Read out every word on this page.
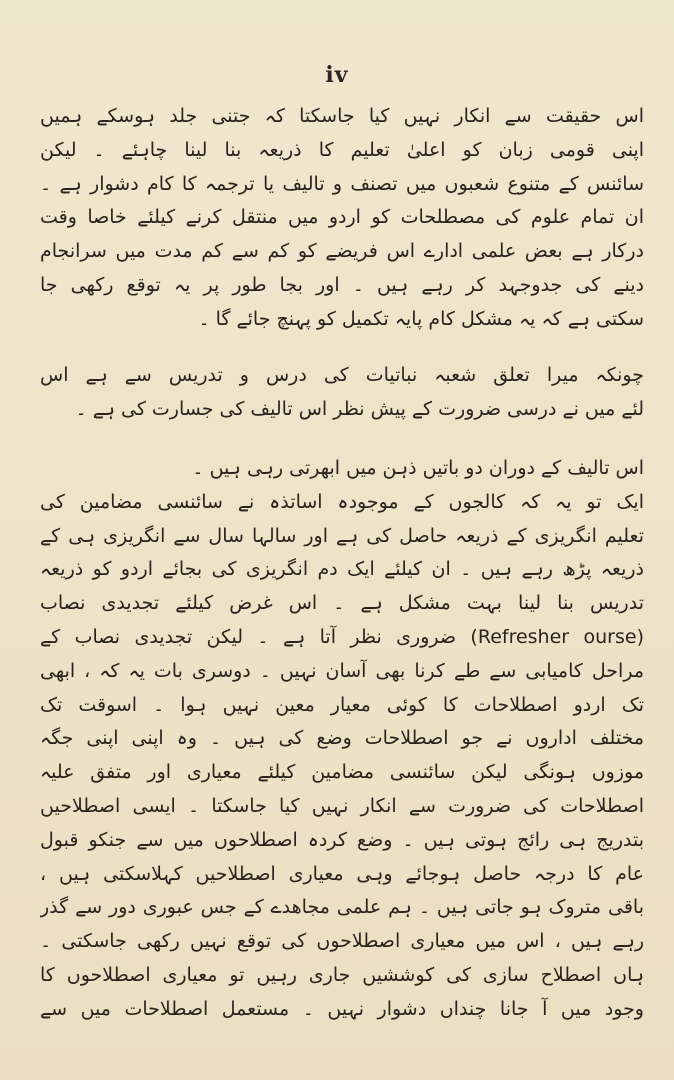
iv
اس حقیقت سے انکار نہیں کیا جاسکتا کہ جتنی جلد ہوسکے ہمیں
اپنی قومی زبان کو اعلیٰ تعلیم کا ذریعہ بنا لینا چاہئے ۔ لیکن
سائنس کے متنوع شعبوں میں تصنف و تالیف یا ترجمہ کا کام دشوار ہے ۔
ان تمام علوم کی مصطلحات کو اردو میں منتقل کرنے کیلئے خاصا وقت
درکار ہے بعض علمی ادارے اس فریضے کو کم سے کم مدت میں سرانجام
دینے کی جدوجہد کر رہے ہیں ۔ اور بجا طور پر یہ توقع رکھی جا
سکتی ہے کہ یہ مشکل کام پایہ تکمیل کو پہنچ جائے گا ۔
چونکہ میرا تعلق شعبہ نباتیات کی درس و تدریس سے ہے اس
لئے میں نے درسی ضرورت کے پیش نظر اس تالیف کی جسارت کی ہے ۔
اس تالیف کے دوران دو باتیں ذہن میں ابھرتی رہی ہیں ۔
ایک تو یہ کہ کالجوں کے موجودہ اساتذہ نے سائنسی مضامین کی
تعلیم انگریزی کے ذریعہ حاصل کی ہے اور سالہا سال سے انگریزی ہی کے
ذریعہ پڑھ رہے ہیں ۔ ان کیلئے ایک دم انگریزی کی بجائے اردو کو ذریعہ
تدریس بنا لینا بہت مشکل ہے ۔ اس غرض کیلئے تجدیدی نصاب
(Refresher ourse) ضروری نظر آتا ہے ۔ لیکن تجدیدی نصاب کے
مراحل کامیابی سے طے کرنا بھی آسان نہیں ۔ دوسری بات یہ کہ ، ابھی
تک اردو اصطلاحات کا کوئی معیار معین نہیں ہوا ۔ اسوقت تک
مختلف اداروں نے جو اصطلاحات وضع کی ہیں ۔ وہ اپنی اپنی جگہ
موزوں ہونگی لیکن سائنسی مضامین کیلئے معیاری اور متفق علیہ
اصطلاحات کی ضرورت سے انکار نہیں کیا جاسکتا ۔ ایسی اصطلاحیں
بتدریج ہی رائج ہوتی ہیں ۔ وضع کردہ اصطلاحوں میں سے جنکو قبول
عام کا درجہ حاصل ہوجائے وہی معیاری اصطلاحیں کہلاسکتی ہیں ،
باقی متروک ہو جاتی ہیں ۔ ہم علمی مجاهدے کے جس عبوری دور سے گذر
رہے ہیں ، اس میں معیاری اصطلاحوں کی توقع نہیں رکھی جاسکتی ۔
ہاں اصطلاح سازی کی کوششیں جاری رہیں تو معیاری اصطلاحوں کا
وجود میں آ جانا چنداں دشوار نہیں ۔ مستعمل اصطلاحات میں سے
